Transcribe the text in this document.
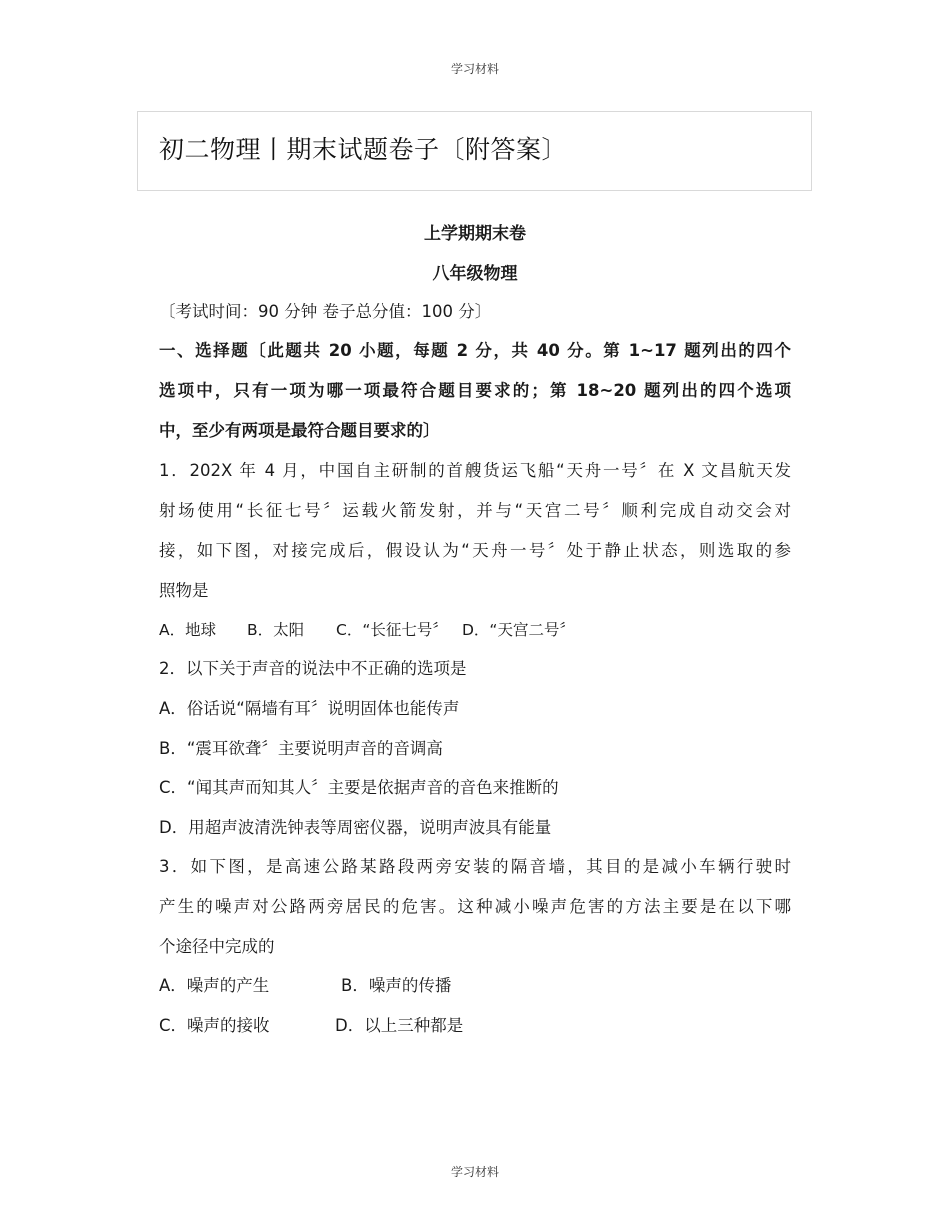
学习材料
初二物理丨期末试题卷子〔附答案〕
上学期期末卷
八年级物理
〔考试时间：90 分钟 卷子总分值：100 分〕
一、选择题〔此题共 20 小题，每题 2 分，共 40 分。第 1~17 题列出的四个
选项中，只有一项为哪一项最符合题目要求的；第 18~20 题列出的四个选项
中，至少有两项是最符合题目要求的〕
1．202X 年 4 月，中国自主研制的首艘货运飞船“天舟一号〞在 X 文昌航天发
射场使用“长征七号〞运载火箭发射，并与“天宫二号〞顺利完成自动交会对
接，如下图，对接完成后，假设认为“天舟一号〞处于静止状态，则选取的参
照物是
A．地球 B．太阳 C．“长征七号〞 D．“天宫二号〞
2．以下关于声音的说法中不正确的选项是
A．俗话说“隔墙有耳〞说明固体也能传声
B．“震耳欲聋〞主要说明声音的音调高
C．“闻其声而知其人〞主要是依据声音的音色来推断的
D．用超声波清洗钟表等周密仪器，说明声波具有能量
3．如下图，是高速公路某路段两旁安装的隔音墙，其目的是减小车辆行驶时
产生的噪声对公路两旁居民的危害。这种减小噪声危害的方法主要是在以下哪
个途径中完成的
A．噪声的产生	B．噪声的传播
C．噪声的接收	D．以上三种都是
学习材料
